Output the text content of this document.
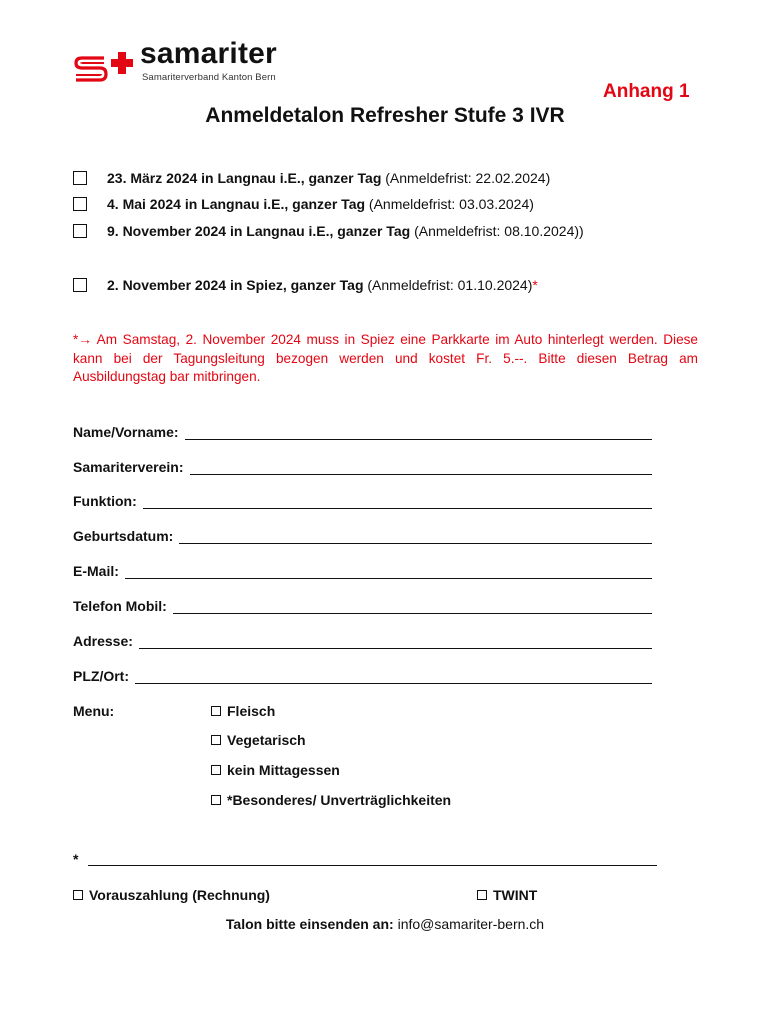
samariter
Samariterverband Kanton Bern
Anhang 1
Anmeldetalon Refresher Stufe 3 IVR
23. März 2024 in Langnau i.E., ganzer Tag
(Anmeldefrist: 22.02.2024)
4. Mai 2024 in Langnau i.E., ganzer Tag
(Anmeldefrist: 03.03.2024)
9. November 2024 in Langnau i.E., ganzer Tag
(Anmeldefrist: 08.10.2024))
2. November 2024 in Spiez, ganzer Tag
(Anmeldefrist: 01.10.2024) *
*→ Am Samstag, 2. November 2024 muss in Spiez eine Parkkarte im Auto hinterlegt werden. Diese kann bei der Tagungsleitung bezogen werden und kostet Fr. 5.--. Bitte diesen Betrag am Ausbildungstag bar mitbringen.
Name/Vorname:
Samariterverein:
Funktion:
Geburtsdatum:
E-Mail:
Telefon Mobil:
Adresse:
PLZ/Ort:
Menu:	Fleisch
Vegetarisch
kein Mittagessen
*Besonderes/ Unverträglichkeiten
*
Vorauszahlung (Rechnung)	TWINT
Talon bitte einsenden an: info@samariter-bern.ch
